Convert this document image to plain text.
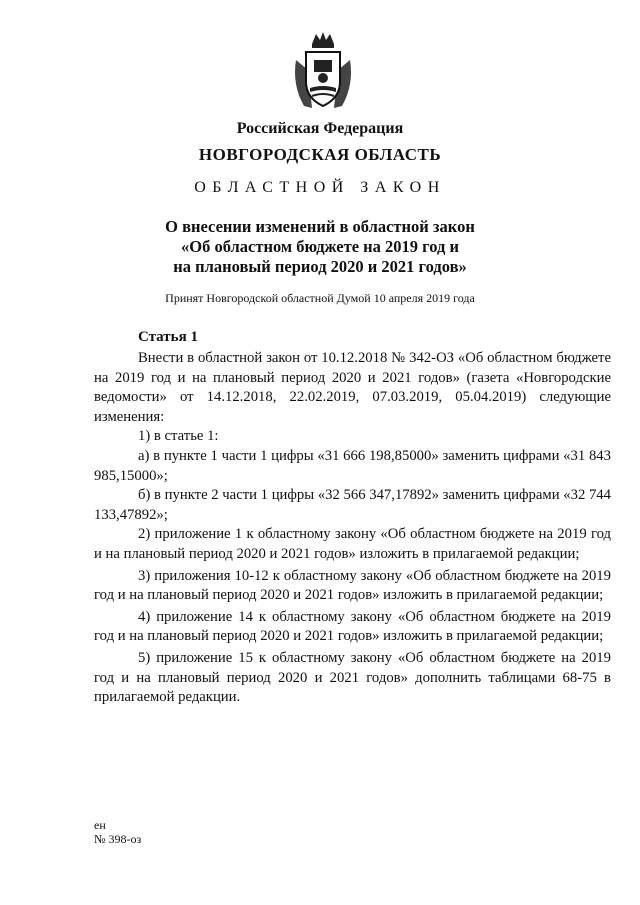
Российская Федерация
НОВГОРОДСКАЯ ОБЛАСТЬ
ОБЛАСТНОЙ ЗАКОН
О внесении изменений в областной закон
«Об областном бюджете на 2019 год и
на плановый период 2020 и 2021 годов»
Принят Новгородской областной Думой 10 апреля 2019 года
Статья 1

Внести в областной закон от 10.12.2018 № 342-ОЗ «Об областном бюджете на 2019 год и на плановый период 2020 и 2021 годов» (газета «Новгородские ведомости» от 14.12.2018, 22.02.2019, 07.03.2019, 05.04.2019) следующие изменения:

1) в статье 1:

а) в пункте 1 части 1 цифры «31 666 198,85000» заменить цифрами «31 843 985,15000»;

б) в пункте 2 части 1 цифры «32 566 347,17892» заменить цифрами «32 744 133,47892»;

2) приложение 1 к областному закону «Об областном бюджете на 2019 год и на плановый период 2020 и 2021 годов» изложить в прилагаемой редакции;

3) приложения 10-12 к областному закону «Об областном бюджете на 2019 год и на плановый период 2020 и 2021 годов» изложить в прилагаемой редакции;

4) приложение 14 к областному закону «Об областном бюджете на 2019 год и на плановый период 2020 и 2021 годов» изложить в прилагаемой редакции;

5) приложение 15 к областному закону «Об областном бюджете на 2019 год и на плановый период 2020 и 2021 годов» дополнить таблицами 68-75 в прилагаемой редакции.

ен
№ 398-оз
